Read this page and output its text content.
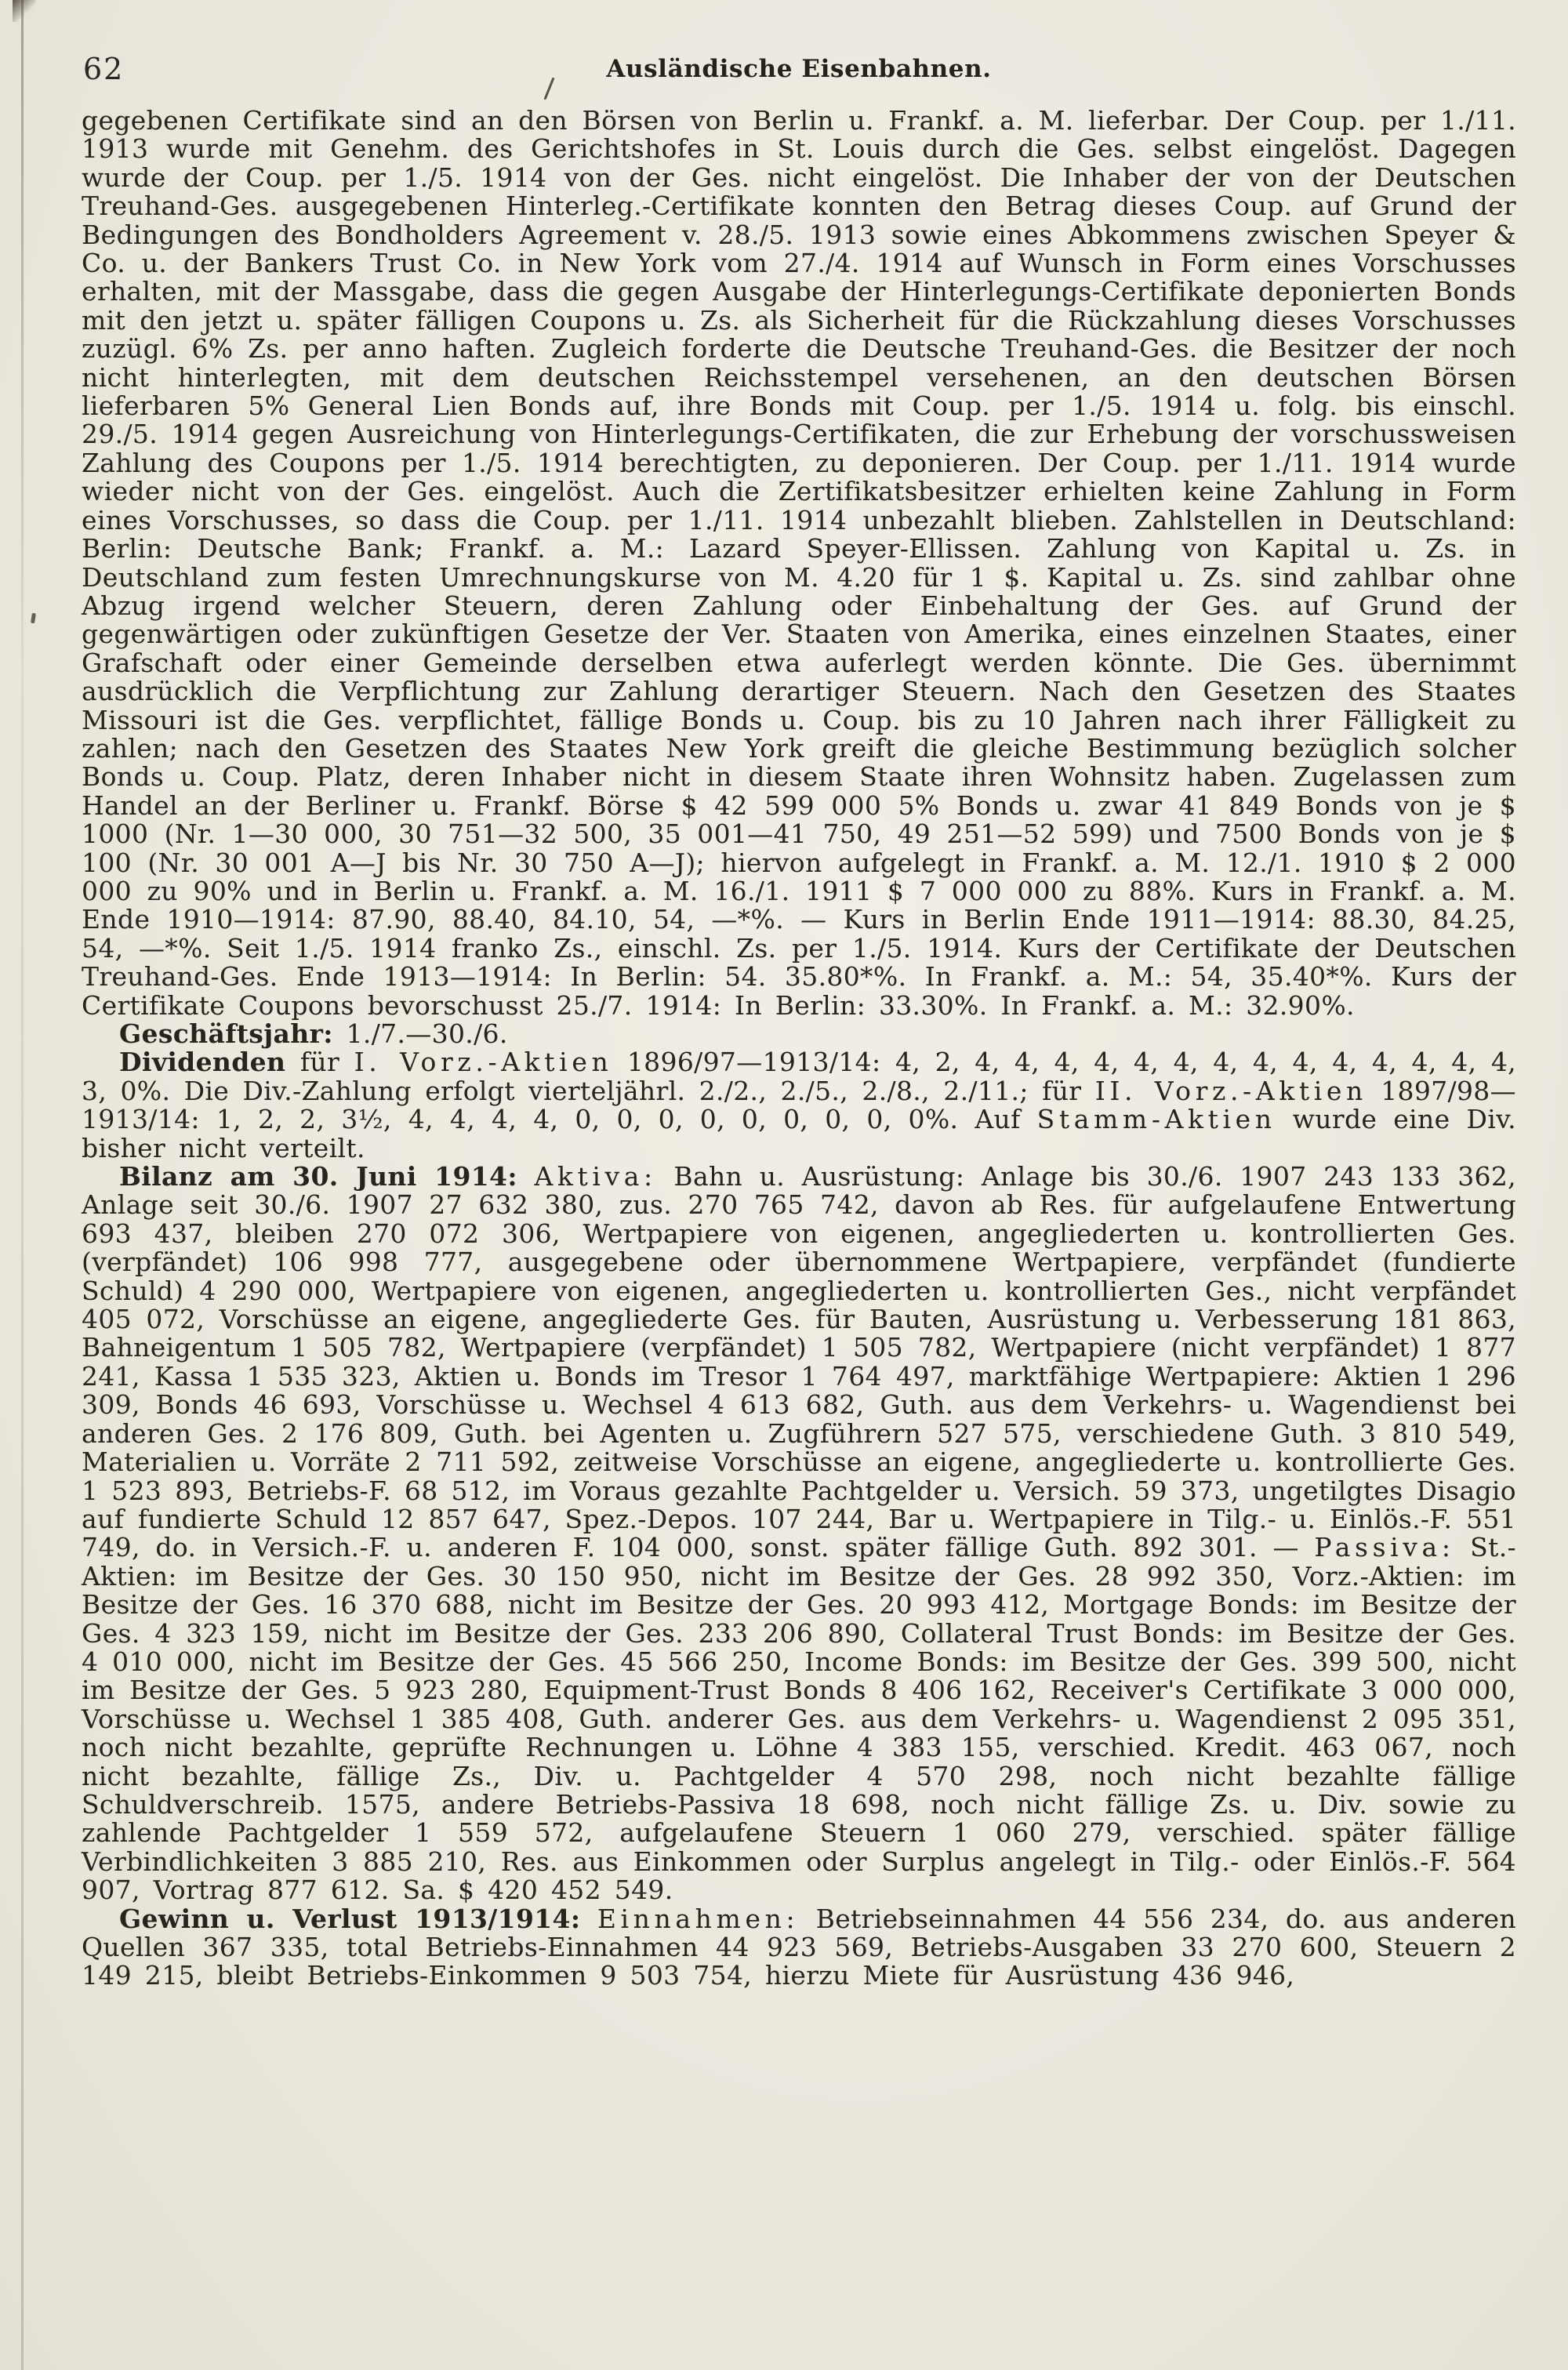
62	Ausländische Eisenbahnen.

gegebenen Certifikate sind an den Börsen von Berlin u. Frankf. a. M. lieferbar. Der Coup. per 1./11. 1913 wurde mit Genehm. des Gerichtshofes in St. Louis durch die Ges. selbst eingelöst. Dagegen wurde der Coup. per 1./5. 1914 von der Ges. nicht eingelöst. Die Inhaber der von der Deutschen Treuhand-Ges. ausgegebenen Hinterleg.-Certifikate konnten den Betrag dieses Coup. auf Grund der Bedingungen des Bondholders Agreement v. 28./5. 1913 sowie eines Abkommens zwischen Speyer & Co. u. der Bankers Trust Co. in New York vom 27./4. 1914 auf Wunsch in Form eines Vorschusses erhalten, mit der Massgabe, dass die gegen Ausgabe der Hinterlegungs-Certifikate deponierten Bonds mit den jetzt u. später fälligen Coupons u. Zs. als Sicherheit für die Rückzahlung dieses Vorschusses zuzügl. 6% Zs. per anno haften. Zugleich forderte die Deutsche Treuhand-Ges. die Besitzer der noch nicht hinterlegten, mit dem deutschen Reichsstempel versehenen, an den deutschen Börsen lieferbaren 5% General Lien Bonds auf, ihre Bonds mit Coup. per 1./5. 1914 u. folg. bis einschl. 29./5. 1914 gegen Ausreichung von Hinterlegungs-Certifikaten, die zur Erhebung der vorschussweisen Zahlung des Coupons per 1./5. 1914 berechtigten, zu deponieren. Der Coup. per 1./11. 1914 wurde wieder nicht von der Ges. eingelöst. Auch die Zertifikatsbesitzer erhielten keine Zahlung in Form eines Vorschusses, so dass die Coup. per 1./11. 1914 unbezahlt blieben. Zahlstellen in Deutschland: Berlin: Deutsche Bank; Frankf. a. M.: Lazard Speyer-Ellissen. Zahlung von Kapital u. Zs. in Deutschland zum festen Umrechnungskurse von M. 4.20 für 1 $. Kapital u. Zs. sind zahlbar ohne Abzug irgend welcher Steuern, deren Zahlung oder Einbehaltung der Ges. auf Grund der gegenwärtigen oder zukünftigen Gesetze der Ver. Staaten von Amerika, eines einzelnen Staates, einer Grafschaft oder einer Gemeinde derselben etwa auferlegt werden könnte. Die Ges. übernimmt ausdrücklich die Verpflichtung zur Zahlung derartiger Steuern. Nach den Gesetzen des Staates Missouri ist die Ges. verpflichtet, fällige Bonds u. Coup. bis zu 10 Jahren nach ihrer Fälligkeit zu zahlen; nach den Gesetzen des Staates New York greift die gleiche Bestimmung bezüglich solcher Bonds u. Coup. Platz, deren Inhaber nicht in diesem Staate ihren Wohnsitz haben. Zugelassen zum Handel an der Berliner u. Frankf. Börse $ 42 599 000 5% Bonds u. zwar 41 849 Bonds von je $ 1000 (Nr. 1—30 000, 30 751—32 500, 35 001—41 750, 49 251—52 599) und 7500 Bonds von je $ 100 (Nr. 30 001 A—J bis Nr. 30 750 A—J); hiervon aufgelegt in Frankf. a. M. 12./1. 1910 $ 2 000 000 zu 90% und in Berlin u. Frankf. a. M. 16./1. 1911 $ 7 000 000 zu 88%. Kurs in Frankf. a. M. Ende 1910—1914: 87.90, 88.40, 84.10, 54, —*%. — Kurs in Berlin Ende 1911—1914: 88.30, 84.25, 54, —*%. Seit 1./5. 1914 franko Zs., einschl. Zs. per 1./5. 1914. Kurs der Certifikate der Deutschen Treuhand-Ges. Ende 1913—1914: In Berlin: 54. 35.80*%. In Frankf. a. M.: 54, 35.40*%. Kurs der Certifikate Coupons bevorschusst 25./7. 1914: In Berlin: 33.30%. In Frankf. a. M.: 32.90%.

Geschäftsjahr: 1./7.—30./6.

Dividenden für I. Vorz.-Aktien 1896/97—1913/14: 4, 2, 4, 4, 4, 4, 4, 4, 4, 4, 4, 4, 4, 4, 4, 4, 3, 0%. Die Div.-Zahlung erfolgt vierteljährl. 2./2., 2./5., 2./8., 2./11.; für II. Vorz.-Aktien 1897/98—1913/14: 1, 2, 2, 3½, 4, 4, 4, 4, 0, 0, 0, 0, 0, 0, 0, 0, 0%. Auf Stamm-Aktien wurde eine Div. bisher nicht verteilt.

Bilanz am 30. Juni 1914: Aktiva: Bahn u. Ausrüstung: Anlage bis 30./6. 1907 243 133 362, Anlage seit 30./6. 1907 27 632 380, zus. 270 765 742, davon ab Res. für aufgelaufene Entwertung 693 437, bleiben 270 072 306, Wertpapiere von eigenen, angegliederten u. kontrollierten Ges. (verpfändet) 106 998 777, ausgegebene oder übernommene Wertpapiere, verpfändet (fundierte Schuld) 4 290 000, Wertpapiere von eigenen, angegliederten u. kontrollierten Ges., nicht verpfändet 405 072, Vorschüsse an eigene, angegliederte Ges. für Bauten, Ausrüstung u. Verbesserung 181 863, Bahneigentum 1 505 782, Wertpapiere (verpfändet) 1 505 782, Wertpapiere (nicht verpfändet) 1 877 241, Kassa 1 535 323, Aktien u. Bonds im Tresor 1 764 497, marktfähige Wertpapiere: Aktien 1 296 309, Bonds 46 693, Vorschüsse u. Wechsel 4 613 682, Guth. aus dem Verkehrs- u. Wagendienst bei anderen Ges. 2 176 809, Guth. bei Agenten u. Zugführern 527 575, verschiedene Guth. 3 810 549, Materialien u. Vorräte 2 711 592, zeitweise Vorschüsse an eigene, angegliederte u. kontrollierte Ges. 1 523 893, Betriebs-F. 68 512, im Voraus gezahlte Pachtgelder u. Versich. 59 373, ungetilgtes Disagio auf fundierte Schuld 12 857 647, Spez.-Depos. 107 244, Bar u. Wertpapiere in Tilg.- u. Einlös.-F. 551 749, do. in Versich.-F. u. anderen F. 104 000, sonst. später fällige Guth. 892 301. — Passiva: St.-Aktien: im Besitze der Ges. 30 150 950, nicht im Besitze der Ges. 28 992 350, Vorz.-Aktien: im Besitze der Ges. 16 370 688, nicht im Besitze der Ges. 20 993 412, Mortgage Bonds: im Besitze der Ges. 4 323 159, nicht im Besitze der Ges. 233 206 890, Collateral Trust Bonds: im Besitze der Ges. 4 010 000, nicht im Besitze der Ges. 45 566 250, Income Bonds: im Besitze der Ges. 399 500, nicht im Besitze der Ges. 5 923 280, Equipment-Trust Bonds 8 406 162, Receiver's Certifikate 3 000 000, Vorschüsse u. Wechsel 1 385 408, Guth. anderer Ges. aus dem Verkehrs- u. Wagendienst 2 095 351, noch nicht bezahlte, geprüfte Rechnungen u. Löhne 4 383 155, verschied. Kredit. 463 067, noch nicht bezahlte, fällige Zs., Div. u. Pachtgelder 4 570 298, noch nicht bezahlte fällige Schuldverschreib. 1575, andere Betriebs-Passiva 18 698, noch nicht fällige Zs. u. Div. sowie zu zahlende Pachtgelder 1 559 572, aufgelaufene Steuern 1 060 279, verschied. später fällige Verbindlichkeiten 3 885 210, Res. aus Einkommen oder Surplus angelegt in Tilg.- oder Einlös.-F. 564 907, Vortrag 877 612. Sa. $ 420 452 549.

Gewinn u. Verlust 1913/1914: Einnahmen: Betriebseinnahmen 44 556 234, do. aus anderen Quellen 367 335, total Betriebs-Einnahmen 44 923 569, Betriebs-Ausgaben 33 270 600, Steuern 2 149 215, bleibt Betriebs-Einkommen 9 503 754, hierzu Miete für Ausrüstung 436 946,
